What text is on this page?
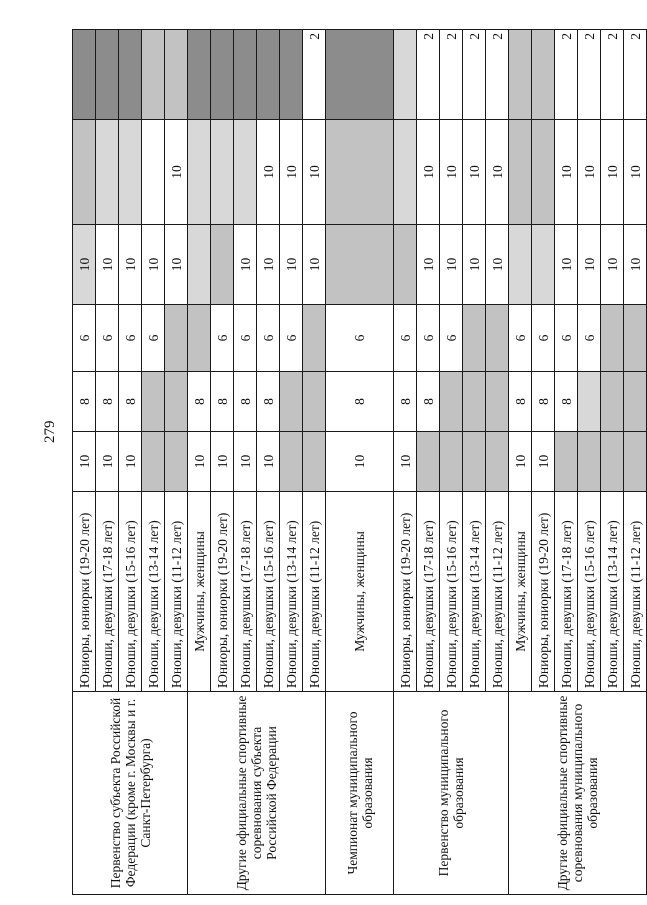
279
Первенство субъекта Российской Федерации (кроме г. Москвы и г. Санкт-Петербурга)	Юниоры, юниорки (19-20 лет)	10	8	6	10		
	Юноши, девушки (17-18 лет)	10	8	6	10		
	Юноши, девушки (15-16 лет)	10	8	6	10		
	Юноши, девушки (13-14 лет)			6	10		
	Юноши, девушки (11-12 лет)				10	10	
Другие официальные спортивные соревнования субъекта Российской Федерации	Мужчины, женщины	10	8				
	Юниоры, юниорки (19-20 лет)	10	8	6			
	Юноши, девушки (17-18 лет)	10	8	6	10		
	Юноши, девушки (15-16 лет)	10	8	6	10	10	
	Юноши, девушки (13-14 лет)			6	10	10	
	Юноши, девушки (11-12 лет)				10	10	2
Чемпионат муниципального образования	Мужчины, женщины	10	8	6			
Первенство муниципального образования	Юниоры, юниорки (19-20 лет)	10	8	6			
	Юноши, девушки (17-18 лет)		8	6	10	10	2
	Юноши, девушки (15-16 лет)			6	10	10	2
	Юноши, девушки (13-14 лет)				10	10	2
	Юноши, девушки (11-12 лет)				10	10	2
Другие официальные спортивные соревнования муниципального образования	Мужчины, женщины	10	8	6			
	Юниоры, юниорки (19-20 лет)	10	8	6			
	Юноши, девушки (17-18 лет)		8	6	10	10	2
	Юноши, девушки (15-16 лет)			6	10	10	2
	Юноши, девушки (13-14 лет)				10	10	2
	Юноши, девушки (11-12 лет)				10	10	2
